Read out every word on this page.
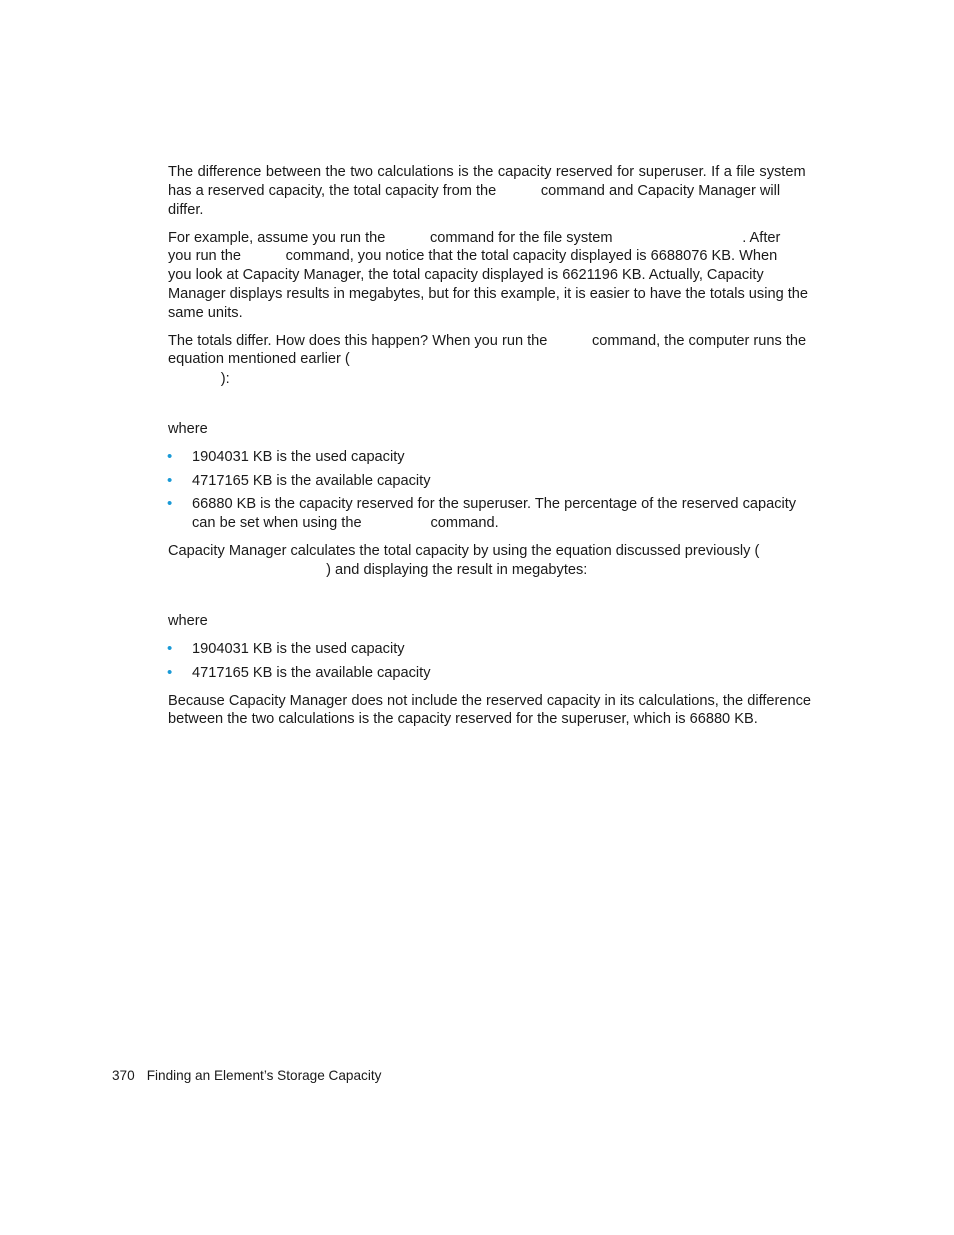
The difference between the two calculations is the capacity reserved for superuser. If a file system
has a reserved capacity, the total capacity from the           command and Capacity Manager will
differ.
For example, assume you run the           command for the file system                                . After
you run the           command, you notice that the total capacity displayed is 6688076 KB. When
you look at Capacity Manager, the total capacity displayed is 6621196 KB. Actually, Capacity
Manager displays results in megabytes, but for this example, it is easier to have the totals using the
same units.
The totals differ. How does this happen? When you run the           command, the computer runs the
equation mentioned earlier (
):
where
• 1904031 KB is the used capacity
• 4717165 KB is the available capacity
• 66880 KB is the capacity reserved for the superuser. The percentage of the reserved capacity
can be set when using the                 command.
Capacity Manager calculates the total capacity by using the equation discussed previously (
) and displaying the result in megabytes:
where
• 1904031 KB is the used capacity
• 4717165 KB is the available capacity
Because Capacity Manager does not include the reserved capacity in its calculations, the difference
between the two calculations is the capacity reserved for the superuser, which is 66880 KB.
370 Finding an Element’s Storage Capacity
